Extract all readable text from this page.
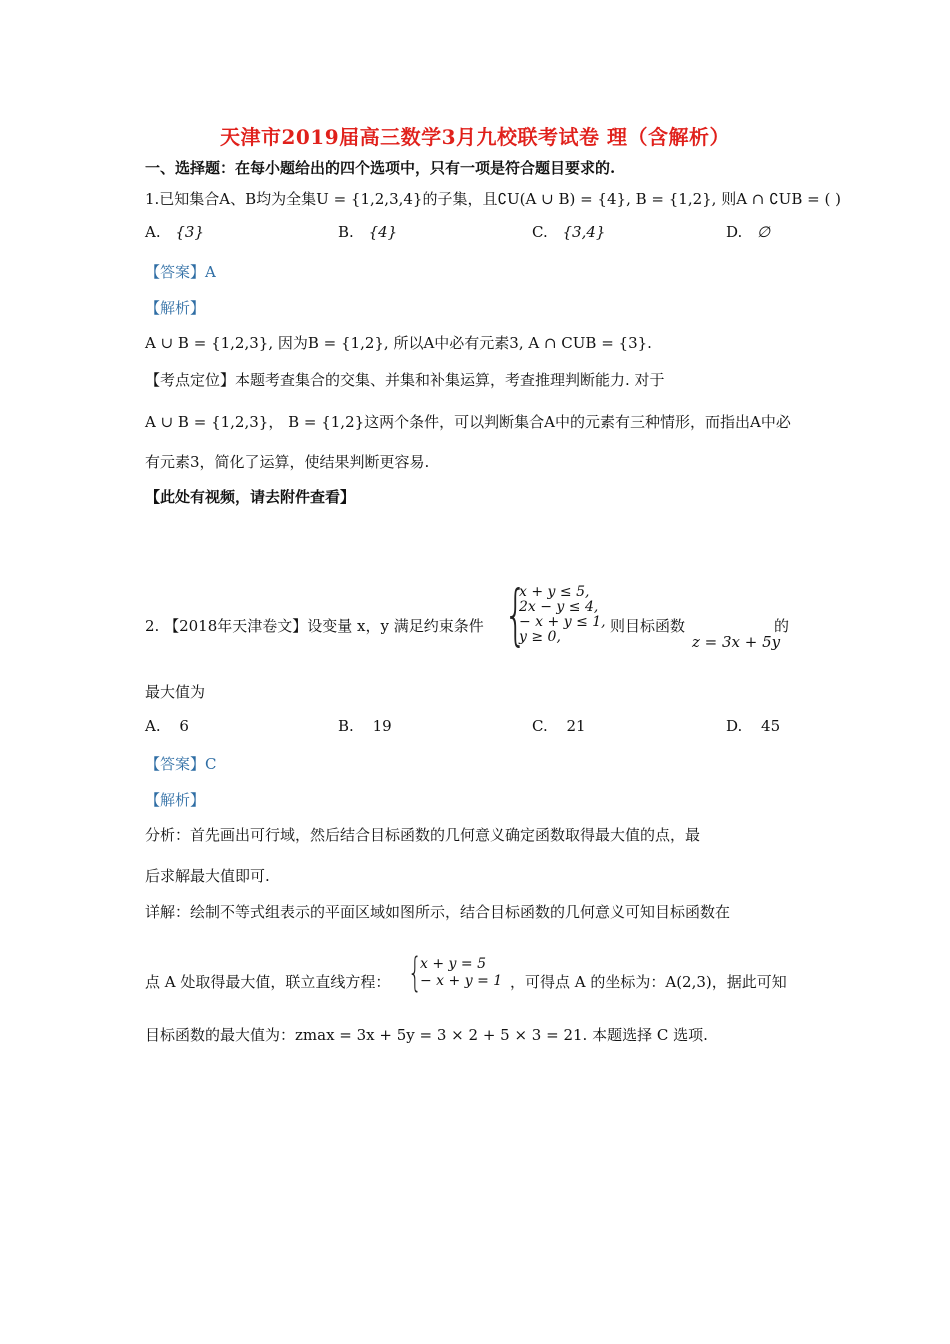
天津市2019届高三数学3月九校联考试卷 理（含解析）
一、选择题：在每小题给出的四个选项中，只有一项是符合题目要求的.
1.已知集合A、B均为全集U = {1,2,3,4}的子集，且∁U(A ∪ B) = {4}, B = {1,2}, 则A ∩ ∁UB = ( )
A. {3}	B. {4}	C. {3,4}	D. ∅
【答案】A
【解析】
A ∪ B = {1,2,3}, 因为B = {1,2}, 所以A中必有元素3, A ∩ CUB = {3}.
【考点定位】本题考查集合的交集、并集和补集运算，考查推理判断能力. 对于
A ∪ B = {1,2,3}， B = {1,2}这两个条件，可以判断集合A中的元素有三种情形，而指出A中必
有元素3，简化了运算，使结果判断更容易.
【此处有视频，请去附件查看】
2. 【2018年天津卷文】设变量 x，y 满足约束条件 {
x + y ≤ 5,
2x − y ≤ 4,
− x + y ≤ 1,
y ≥ 0,
则目标函数	的
z = 3x + 5y
最大值为
A. 6	B. 19	C. 21	D. 45
【答案】C
【解析】
分析：首先画出可行域，然后结合目标函数的几何意义确定函数取得最大值的点，最
后求解最大值即可.
详解：绘制不等式组表示的平面区域如图所示，结合目标函数的几何意义可知目标函数在
点 A 处取得最大值，联立直线方程： {
x + y = 5
− x + y = 1 ，可得点 A 的坐标为：A(2,3)，据此可知
目标函数的最大值为：zmax = 3x + 5y = 3 × 2 + 5 × 3 = 21. 本题选择 C 选项.
